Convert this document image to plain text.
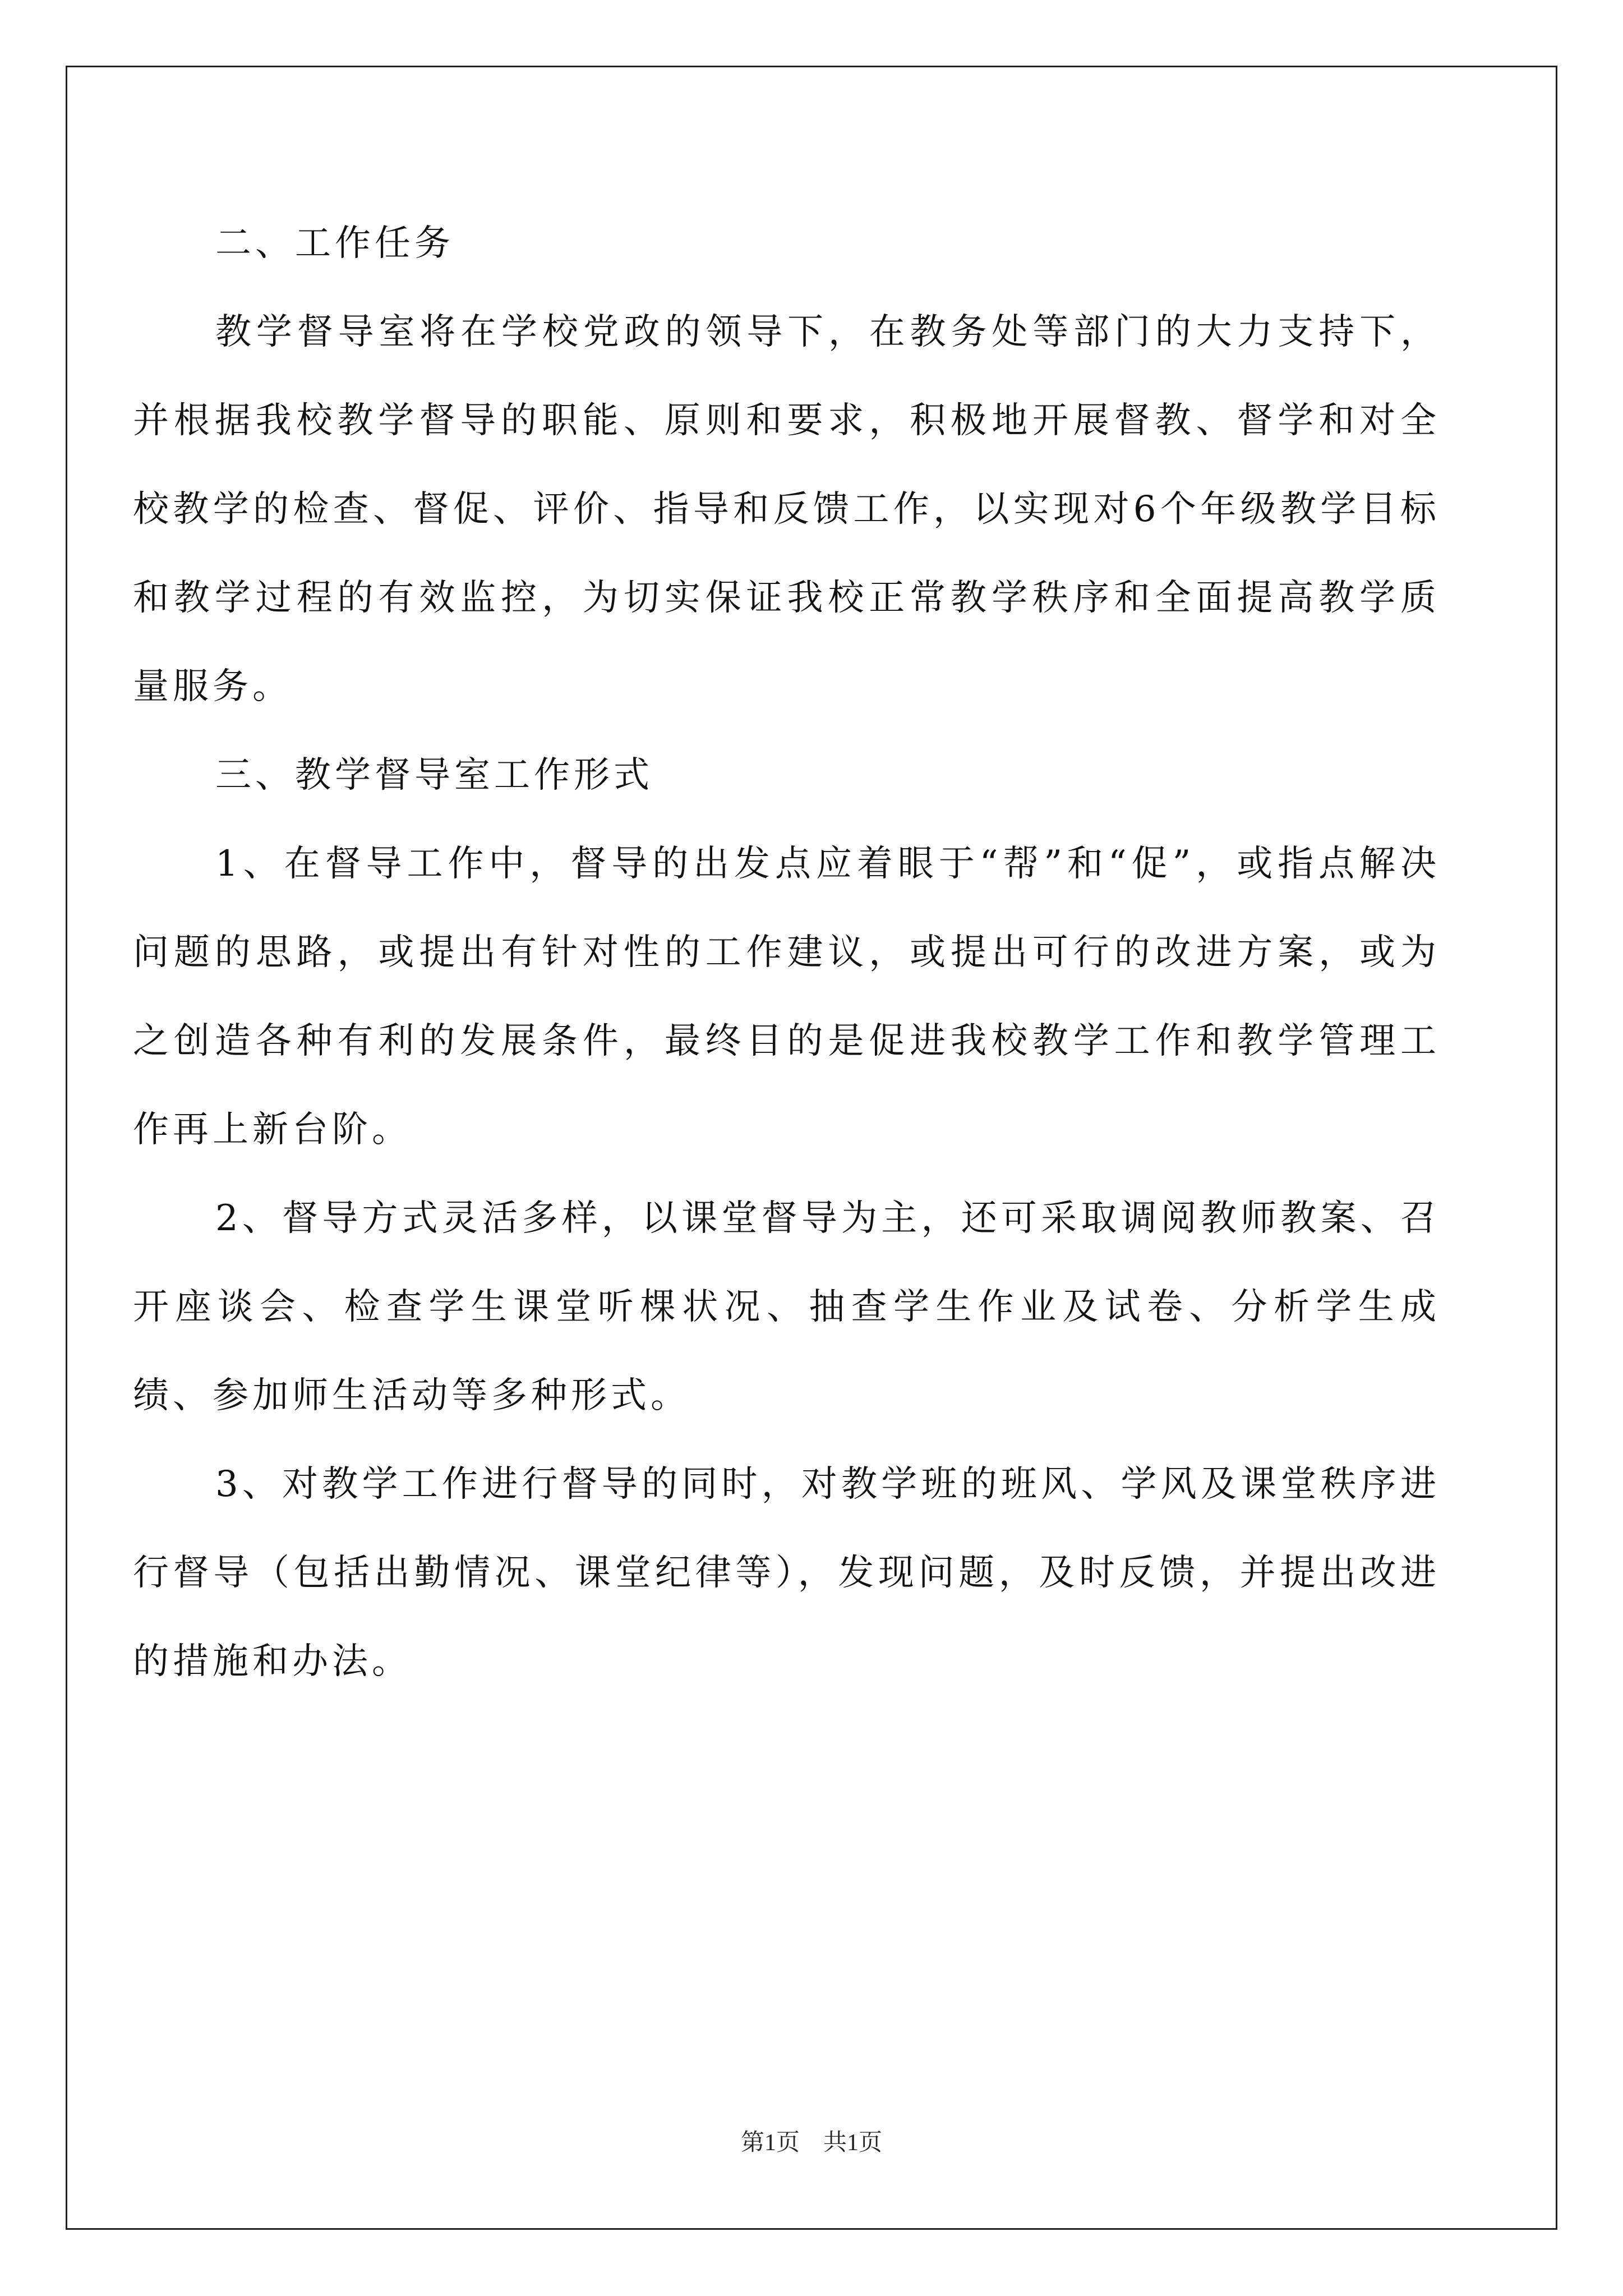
二、工作任务

教学督导室将在学校党政的领导下，在教务处等部门的大力支持下，并根据我校教学督导的职能、原则和要求，积极地开展督教、督学和对全校教学的检查、督促、评价、指导和反馈工作，以实现对6个年级教学目标和教学过程的有效监控，为切实保证我校正常教学秩序和全面提高教学质量服务。

三、教学督导室工作形式

1、在督导工作中，督导的出发点应着眼于“帮”和“促”，或指点解决问题的思路，或提出有针对性的工作建议，或提出可行的改进方案，或为之创造各种有利的发展条件，最终目的是促进我校教学工作和教学管理工作再上新台阶。

2、督导方式灵活多样，以课堂督导为主，还可采取调阅教师教案、召开座谈会、检查学生课堂听棵状况、抽查学生作业及试卷、分析学生成绩、参加师生活动等多种形式。

3、对教学工作进行督导的同时，对教学班的班风、学风及课堂秩序进行督导（包括出勤情况、课堂纪律等），发现问题，及时反馈，并提出改进的措施和办法。

第1页　共1页
